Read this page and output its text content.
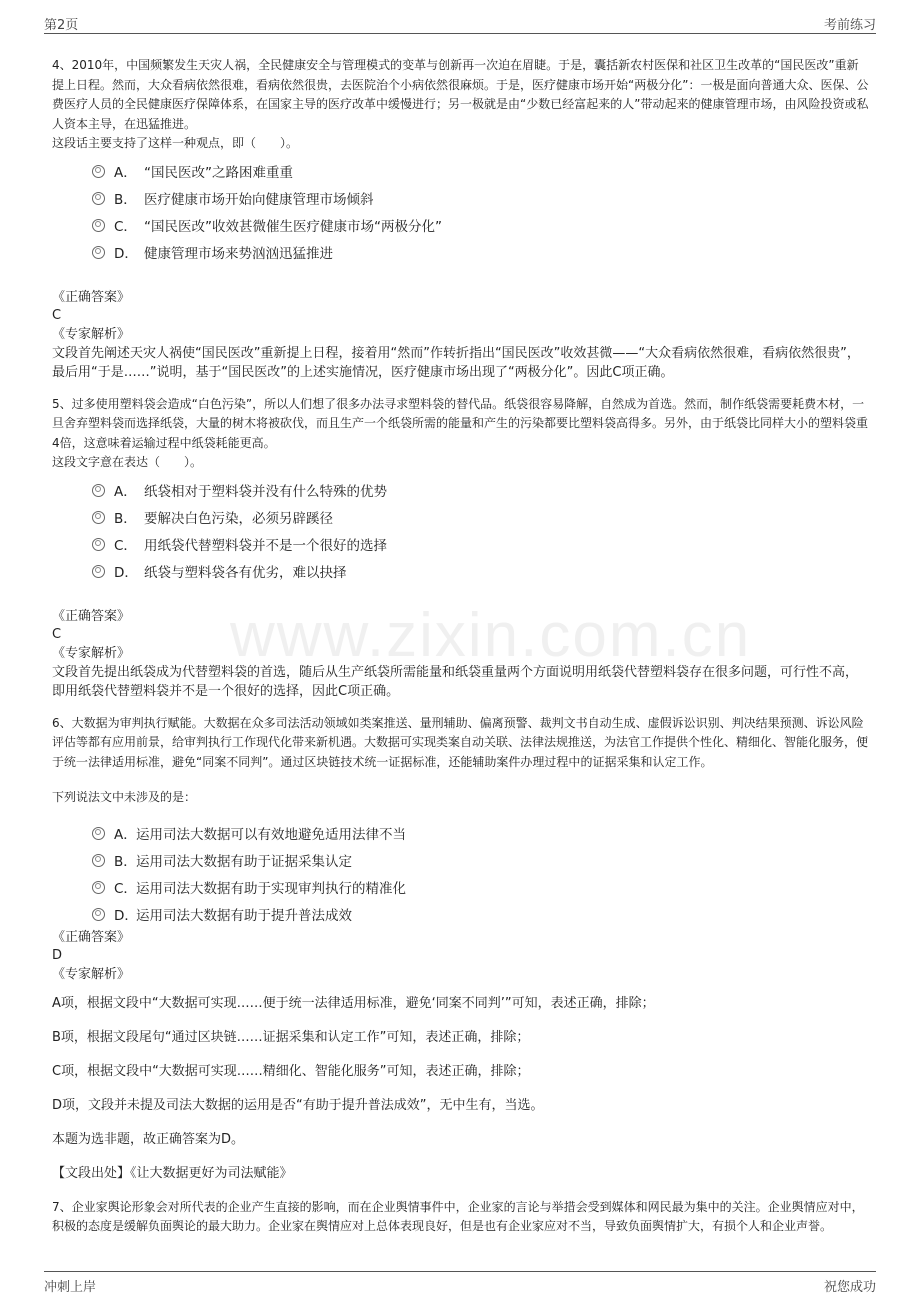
第2页	考前练习
www.zixin.com.cn

4、2010年，中国频繁发生天灾人祸，全民健康安全与管理模式的变革与创新再一次迫在眉睫。于是，囊括新农村医保和社区卫生改革的“国民医改”重新提上日程。然而，大众看病依然很难，看病依然很贵，去医院治个小病依然很麻烦。于是，医疗健康市场开始“两极分化”：一极是面向普通大众、医保、公费医疗人员的全民健康医疗保障体系，在国家主导的医疗改革中缓慢进行；另一极就是由“少数已经富起来的人”带动起来的健康管理市场，由风险投资或私人资本主导，在迅猛推进。

这段话主要支持了这样一种观点，即（　　）。

A． “国民医改”之路困难重重
B． 医疗健康市场开始向健康管理市场倾斜
C． “国民医改”收效甚微催生医疗健康市场“两极分化”
D． 健康管理市场来势汹汹迅猛推进

《正确答案》

C

《专家解析》

文段首先阐述天灾人祸使“国民医改”重新提上日程，接着用“然而”作转折指出“国民医改”收效甚微——“大众看病依然很难，看病依然很贵”，最后用“于是……”说明，基于“国民医改”的上述实施情况，医疗健康市场出现了“两极分化”。因此C项正确。

5、过多使用塑料袋会造成“白色污染”，所以人们想了很多办法寻求塑料袋的替代品。纸袋很容易降解，自然成为首选。然而，制作纸袋需要耗费木材，一旦舍弃塑料袋而选择纸袋，大量的树木将被砍伐，而且生产一个纸袋所需的能量和产生的污染都要比塑料袋高得多。另外，由于纸袋比同样大小的塑料袋重4倍，这意味着运输过程中纸袋耗能更高。

这段文字意在表达（　　）。

A． 纸袋相对于塑料袋并没有什么特殊的优势
B． 要解决白色污染，必须另辟蹊径
C． 用纸袋代替塑料袋并不是一个很好的选择
D． 纸袋与塑料袋各有优劣，难以抉择

《正确答案》

C

《专家解析》

文段首先提出纸袋成为代替塑料袋的首选，随后从生产纸袋所需能量和纸袋重量两个方面说明用纸袋代替塑料袋存在很多问题，可行性不高，即用纸袋代替塑料袋并不是一个很好的选择，因此C项正确。

6、大数据为审判执行赋能。大数据在众多司法活动领域如类案推送、量刑辅助、偏离预警、裁判文书自动生成、虚假诉讼识别、判决结果预测、诉讼风险评估等都有应用前景，给审判执行工作现代化带来新机遇。大数据可实现类案自动关联、法律法规推送，为法官工作提供个性化、精细化、智能化服务，便于统一法律适用标准，避免“同案不同判”。通过区块链技术统一证据标准，还能辅助案件办理过程中的证据采集和认定工作。

下列说法文中未涉及的是：

A． 运用司法大数据可以有效地避免适用法律不当
B． 运用司法大数据有助于证据采集认定
C． 运用司法大数据有助于实现审判执行的精准化
D．
运用司法大数据有助于提升普法成效

《正确答案》

D

《专家解析》

A项，根据文段中“大数据可实现……便于统一法律适用标准，避免‘同案不同判’”可知，表述正确，排除；

B项，根据文段尾句“通过区块链……证据采集和认定工作”可知，表述正确，排除；

C项，根据文段中“大数据可实现……精细化、智能化服务”可知，表述正确，排除；

D项，文段并未提及司法大数据的运用是否“有助于提升普法成效”，无中生有，当选。

本题为选非题，故正确答案为D。

【文段出处】《让大数据更好为司法赋能》

7、企业家舆论形象会对所代表的企业产生直接的影响，而在企业舆情事件中，企业家的言论与举措会受到媒体和网民最为集中的关注。企业舆情应对中，积极的态度是缓解负面舆论的最大助力。企业家在舆情应对上总体表现良好，但是也有企业家应对不当，导致负面舆情扩大，有损个人和企业声誉。

冲刺上岸	祝您成功
